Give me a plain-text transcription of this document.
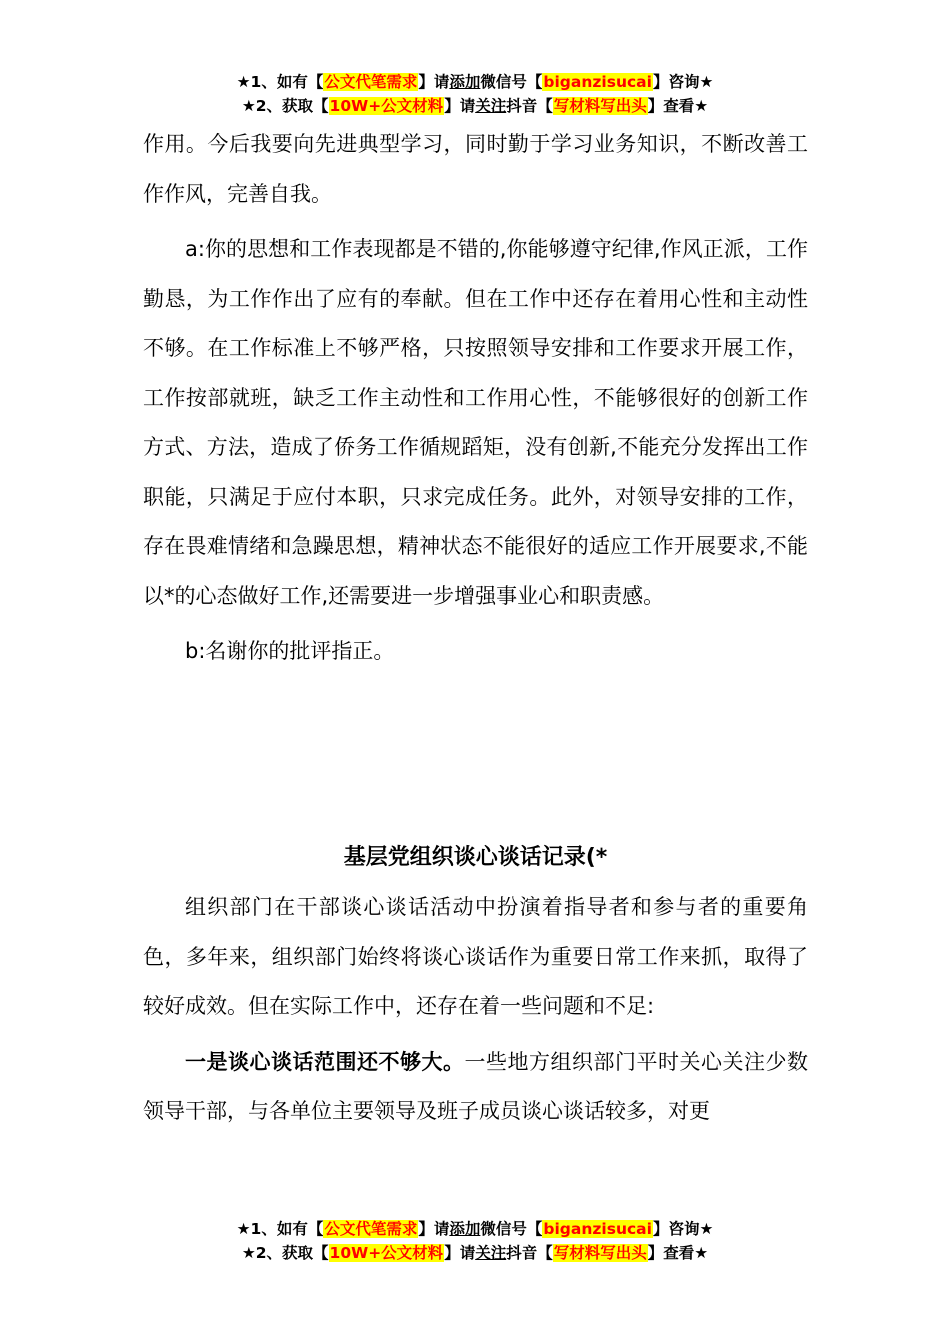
★1、如有【公文代笔需求】请添加微信号【biganzisucai】咨询★
★2、获取【10W+公文材料】请关注抖音【写材料写出头】查看★

作用。今后我要向先进典型学习，同时勤于学习业务知识，不断改善工作作风，完善自我。

a:你的思想和工作表现都是不错的,你能够遵守纪律,作风正派，工作勤恳，为工作作出了应有的奉献。但在工作中还存在着用心性和主动性不够。在工作标准上不够严格，只按照领导安排和工作要求开展工作，工作按部就班，缺乏工作主动性和工作用心性，不能够很好的创新工作方式、方法，造成了侨务工作循规蹈矩，没有创新,不能充分发挥出工作职能，只满足于应付本职，只求完成任务。此外，对领导安排的工作，存在畏难情绪和急躁思想，精神状态不能很好的适应工作开展要求,不能以*的心态做好工作,还需要进一步增强事业心和职责感。

b:名谢你的批评指正。

基层党组织谈心谈话记录(*

组织部门在干部谈心谈话活动中扮演着指导者和参与者的重要角色，多年来，组织部门始终将谈心谈话作为重要日常工作来抓，取得了较好成效。但在实际工作中，还存在着一些问题和不足:

一是谈心谈话范围还不够大。一些地方组织部门平时关心关注少数领导干部，与各单位主要领导及班子成员谈心谈话较多，对更

★1、如有【公文代笔需求】请添加微信号【biganzisucai】咨询★
★2、获取【10W+公文材料】请关注抖音【写材料写出头】查看★
